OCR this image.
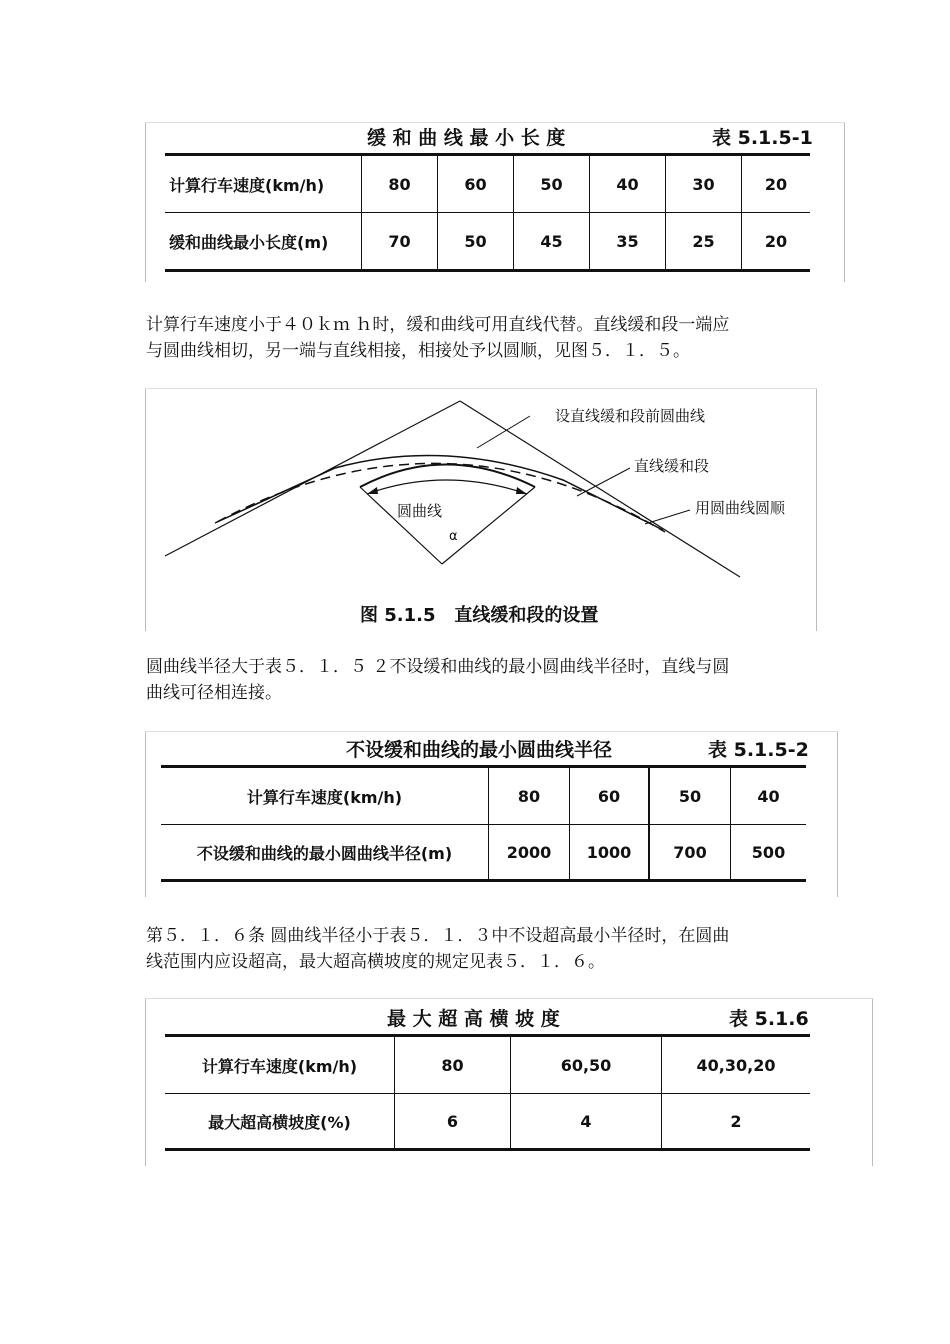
缓 和 曲 线 最 小 长 度	表 5.1.5-1
计算行车速度(km/h)	80	60	50	40	30	20
缓和曲线最小长度(m)	70	50	45	35	25	20

计算行车速度小于４０ｋｍ ｈ时，缓和曲线可用直线代替。直线缓和段一端应

与圆曲线相切，另一端与直线相接，相接处予以圆顺，见图５．１．５。

设直线缓和段前圆曲线
直线缓和段
用圆曲线圆顺
圆曲线
α
图 5.1.5   直线缓和段的设置

圆曲线半径大于表５．１．５ ２不设缓和曲线的最小圆曲线半径时，直线与圆

曲线可径相连接。

不设缓和曲线的最小圆曲线半径	表 5.1.5-2
计算行车速度(km/h)	80	60	50	40
不设缓和曲线的最小圆曲线半径(m)	2000	1000	700	500

第５．１．６条 圆曲线半径小于表５．１．３中不设超高最小半径时，在圆曲

线范围内应设超高，最大超高横坡度的规定见表５．１．６。

最 大 超 高 横 坡 度	表 5.1.6
计算行车速度(km/h)	80	60,50	40,30,20
最大超高横坡度(%)	6	4	2
